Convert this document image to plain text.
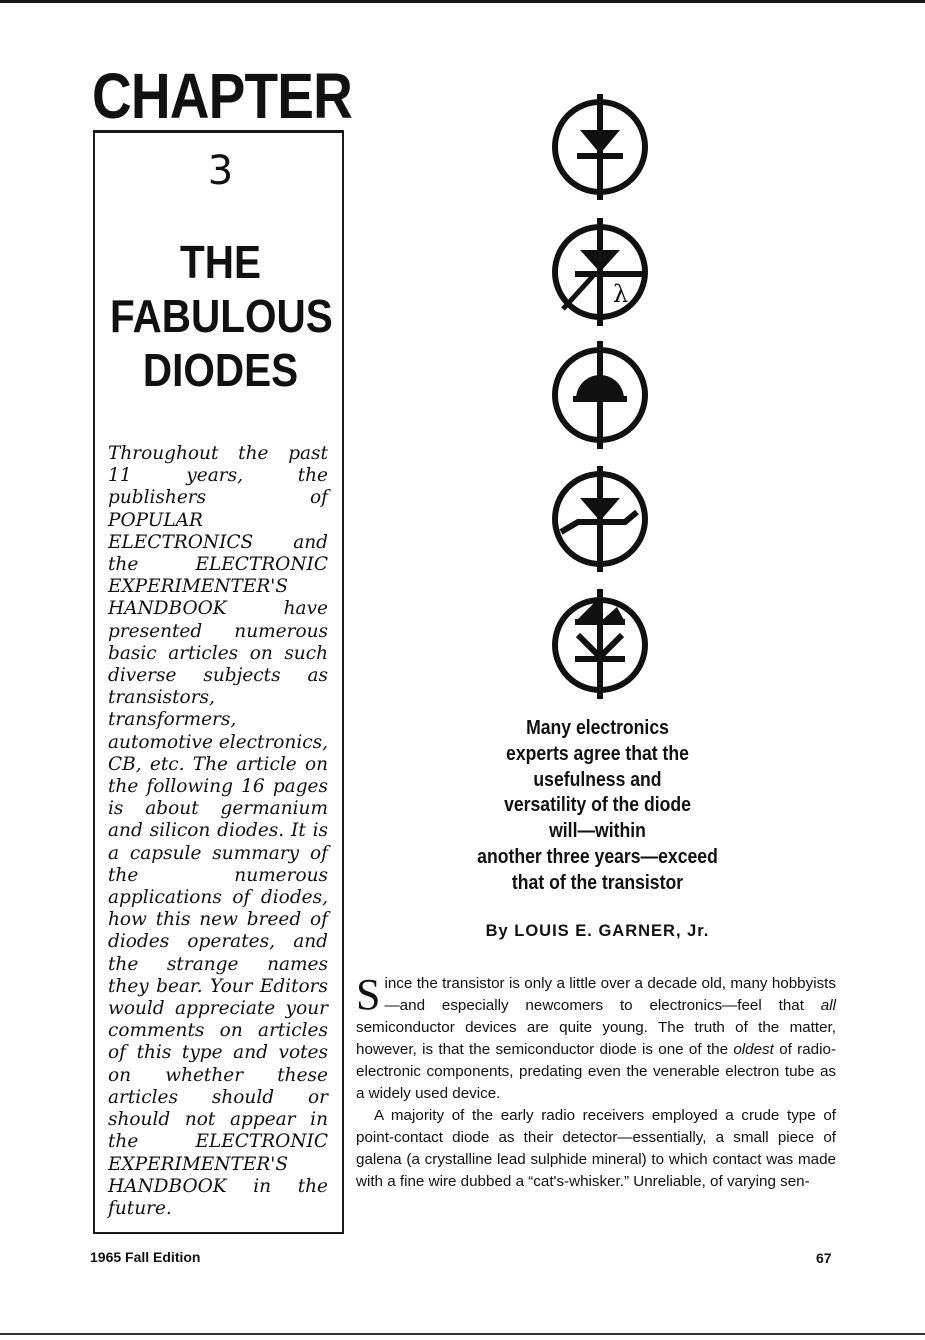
CHAPTER
3
THE
FABULOUS
DIODES

Throughout the past 11 years, the publishers of POPULAR ELECTRONICS and the ELECTRONIC EXPERIMENTER'S HANDBOOK have presented numerous basic articles on such diverse subjects as transistors, transformers, automotive electronics, CB, etc. The article on the following 16 pages is about germanium and silicon diodes. It is a capsule summary of the numerous applications of diodes, how this new breed of diodes operates, and the strange names they bear. Your Editors would appreciate your comments on articles of this type and votes on whether these articles should or should not appear in the ELECTRONIC EXPERIMENTER'S HANDBOOK in the future.

λ
Many electronics
experts agree that the
usefulness and
versatility of the diode
will—within
another three years—exceed
that of the transistor
By LOUIS E. GARNER, Jr.

Since the transistor is only a little over a decade old, many hobbyists—and especially newcomers to electronics—feel that all semiconductor devices are quite young. The truth of the matter, however, is that the semiconductor diode is one of the oldest of radio-electronic components, predating even the venerable electron tube as a widely used device.

A majority of the early radio receivers employed a crude type of point-contact diode as their detector—essentially, a small piece of galena (a crystalline lead sulphide mineral) to which contact was made with a fine wire dubbed a “cat's-whisker.” Unreliable, of varying sen-

1965 Fall Edition	67
